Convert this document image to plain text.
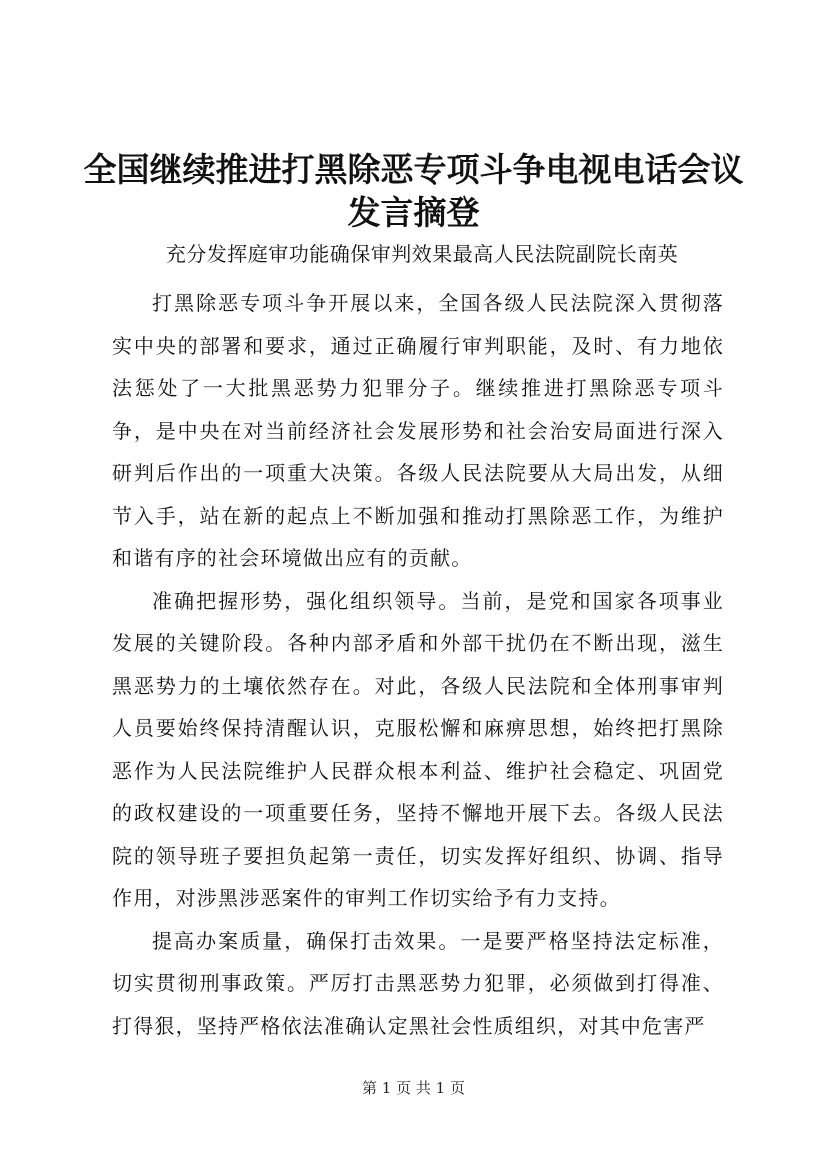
全国继续推进打黑除恶专项斗争电视电话会议
发言摘登

充分发挥庭审功能确保审判效果最高人民法院副院长南英

打黑除恶专项斗争开展以来，全国各级人民法院深入贯彻落实中央的部署和要求，通过正确履行审判职能，及时、有力地依法惩处了一大批黑恶势力犯罪分子。继续推进打黑除恶专项斗争，是中央在对当前经济社会发展形势和社会治安局面进行深入研判后作出的一项重大决策。各级人民法院要从大局出发，从细节入手，站在新的起点上不断加强和推动打黑除恶工作，为维护和谐有序的社会环境做出应有的贡献。

准确把握形势，强化组织领导。当前，是党和国家各项事业发展的关键阶段。各种内部矛盾和外部干扰仍在不断出现，滋生黑恶势力的土壤依然存在。对此，各级人民法院和全体刑事审判人员要始终保持清醒认识，克服松懈和麻痹思想，始终把打黑除恶作为人民法院维护人民群众根本利益、维护社会稳定、巩固党的政权建设的一项重要任务，坚持不懈地开展下去。各级人民法院的领导班子要担负起第一责任，切实发挥好组织、协调、指导作用，对涉黑涉恶案件的审判工作切实给予有力支持。

提高办案质量，确保打击效果。一是要严格坚持法定标准，切实贯彻刑事政策。严厉打击黑恶势力犯罪，必须做到打得准、打得狠，坚持严格依法准确认定黑社会性质组织，对其中危害严

第 1 页 共 1 页
